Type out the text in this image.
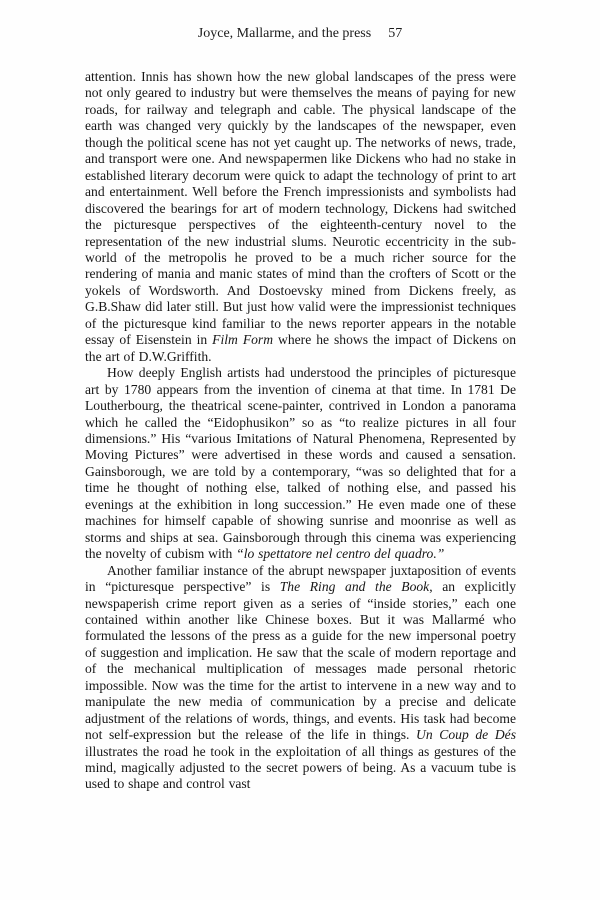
Joyce, Mallarme, and the press 57

attention. Innis has shown how the new global landscapes of the press were not only geared to industry but were themselves the means of paying for new roads, for railway and telegraph and cable. The physical landscape of the earth was changed very quickly by the landscapes of the newspaper, even though the political scene has not yet caught up. The networks of news, trade, and transport were one. And newspapermen like Dickens who had no stake in established literary decorum were quick to adapt the technology of print to art and entertainment. Well before the French impressionists and symbolists had discovered the bearings for art of modern technology, Dickens had switched the picturesque perspectives of the eighteenth-century novel to the representation of the new industrial slums. Neurotic eccentricity in the sub-world of the metropolis he proved to be a much richer source for the rendering of mania and manic states of mind than the crofters of Scott or the yokels of Wordsworth. And Dostoevsky mined from Dickens freely, as G.B.Shaw did later still. But just how valid were the impressionist techniques of the picturesque kind familiar to the news reporter appears in the notable essay of Eisenstein in Film Form where he shows the impact of Dickens on the art of D.W.Griffith.

How deeply English artists had understood the principles of picturesque art by 1780 appears from the invention of cinema at that time. In 1781 De Loutherbourg, the theatrical scene-painter, contrived in London a panorama which he called the “Eidophusikon” so as “to realize pictures in all four dimensions.” His “various Imitations of Natural Phenomena, Represented by Moving Pictures” were advertised in these words and caused a sensation. Gainsborough, we are told by a contemporary, “was so delighted that for a time he thought of nothing else, talked of nothing else, and passed his evenings at the exhibition in long succession.” He even made one of these machines for himself capable of showing sunrise and moonrise as well as storms and ships at sea. Gainsborough through this cinema was experiencing the novelty of cubism with “lo spettatore nel centro del quadro.”

Another familiar instance of the abrupt newspaper juxtaposition of events in “picturesque perspective” is The Ring and the Book, an explicitly newspaperish crime report given as a series of “inside stories,” each one contained within another like Chinese boxes. But it was Mallarmé who formulated the lessons of the press as a guide for the new impersonal poetry of suggestion and implication. He saw that the scale of modern reportage and of the mechanical multiplication of messages made personal rhetoric impossible. Now was the time for the artist to intervene in a new way and to manipulate the new media of communication by a precise and delicate adjustment of the relations of words, things, and events. His task had become not self-expression but the release of the life in things. Un Coup de Dés illustrates the road he took in the exploitation of all things as gestures of the mind, magically adjusted to the secret powers of being. As a vacuum tube is used to shape and control vast
